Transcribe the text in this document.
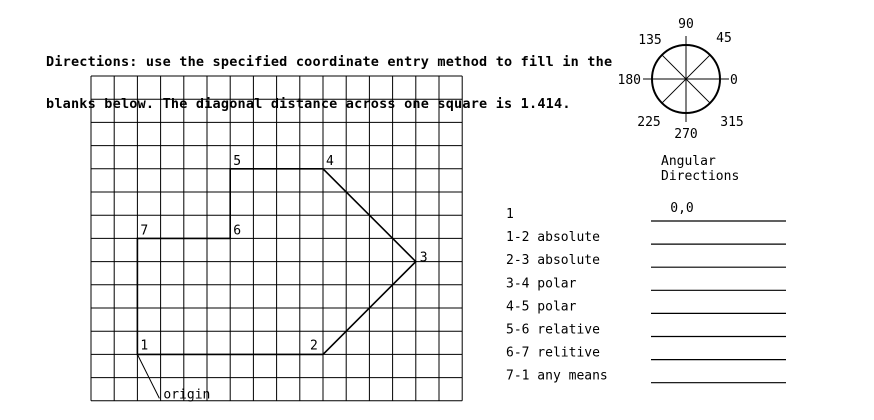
Directions: use the specified coordinate entry method to fill in the

blanks below. The diagonal distance across one square is 1.414.

1	2
3
4
5
6
7
origin
0
45
90
135
180
225
270
315
Angular
Directions
1	0,0
1-2 absolute
2-3 absolute
3-4 polar
4-5 polar
5-6 relative
6-7 relitive
7-1 any means
